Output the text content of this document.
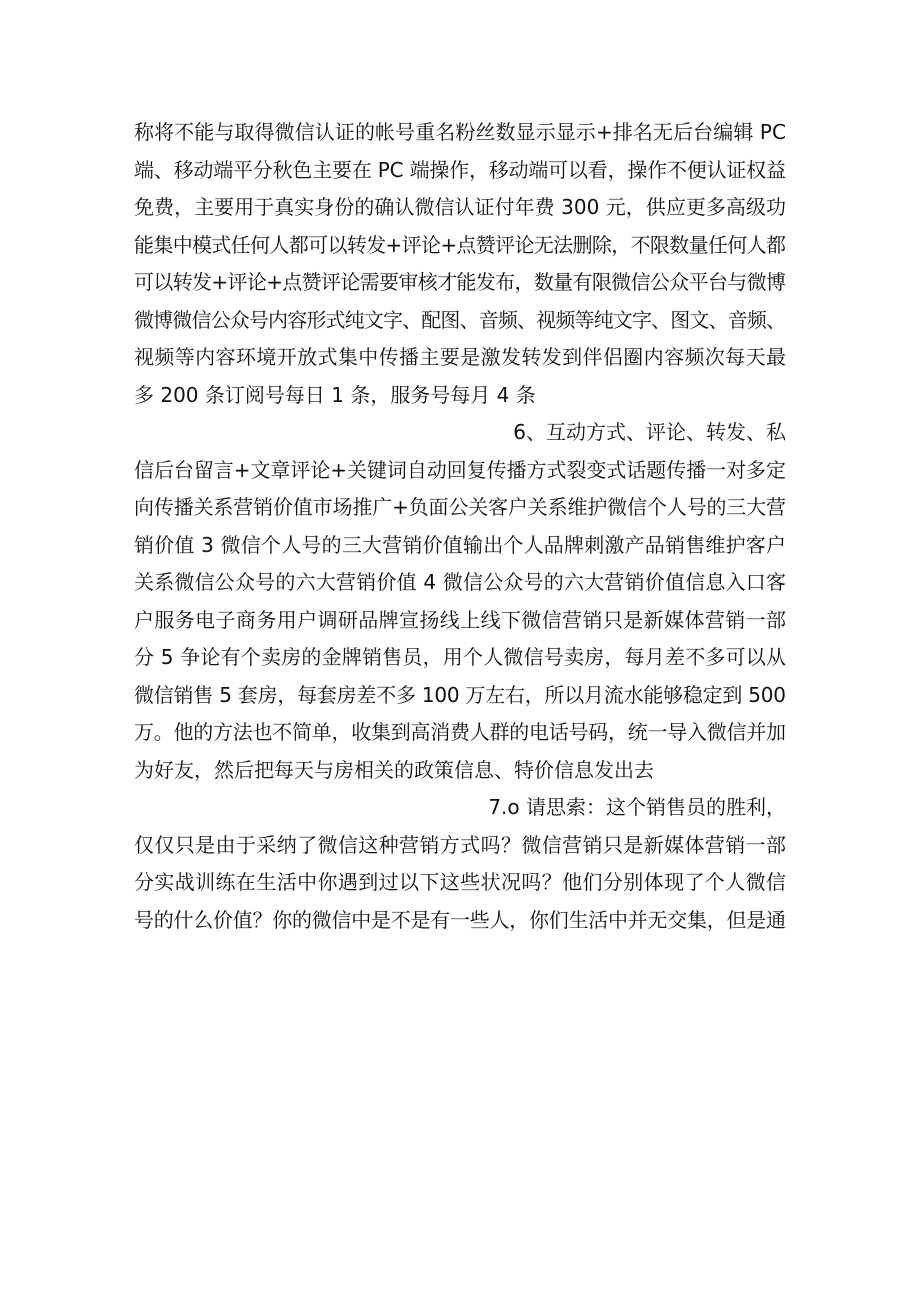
称将不能与取得微信认证的帐号重名粉丝数显示显示+排名无后台编辑 PC
端、移动端平分秋色主要在 PC 端操作，移动端可以看，操作不便认证权益
免费，主要用于真实身份的确认微信认证付年费 300 元，供应更多高级功
能集中模式任何人都可以转发+评论+点赞评论无法删除，不限数量任何人都
可以转发+评论+点赞评论需要审核才能发布，数量有限微信公众平台与微博
微博微信公众号内容形式纯文字、配图、音频、视频等纯文字、图文、音频、
视频等内容环境开放式集中传播主要是激发转发到伴侣圈内容频次每天最
多 200 条订阅号每日 1 条，服务号每月 4 条
6、互动方式、评论、转发、私
信后台留言+文章评论+关键词自动回复传播方式裂变式话题传播一对多定
向传播关系营销价值市场推广+负面公关客户关系维护微信个人号的三大营
销价值 3 微信个人号的三大营销价值输出个人品牌刺激产品销售维护客户
关系微信公众号的六大营销价值 4 微信公众号的六大营销价值信息入口客
户服务电子商务用户调研品牌宣扬线上线下微信营销只是新媒体营销一部
分 5 争论有个卖房的金牌销售员，用个人微信号卖房，每月差不多可以从
微信销售 5 套房，每套房差不多 100 万左右，所以月流水能够稳定到 500
万。他的方法也不简单，收集到高消费人群的电话号码，统一导入微信并加
为好友，然后把每天与房相关的政策信息、特价信息发出去
7.o 请思索：这个销售员的胜利，
仅仅只是由于采纳了微信这种营销方式吗？微信营销只是新媒体营销一部
分实战训练在生活中你遇到过以下这些状况吗？他们分别体现了个人微信
号的什么价值？你的微信中是不是有一些人，你们生活中并无交集，但是通
